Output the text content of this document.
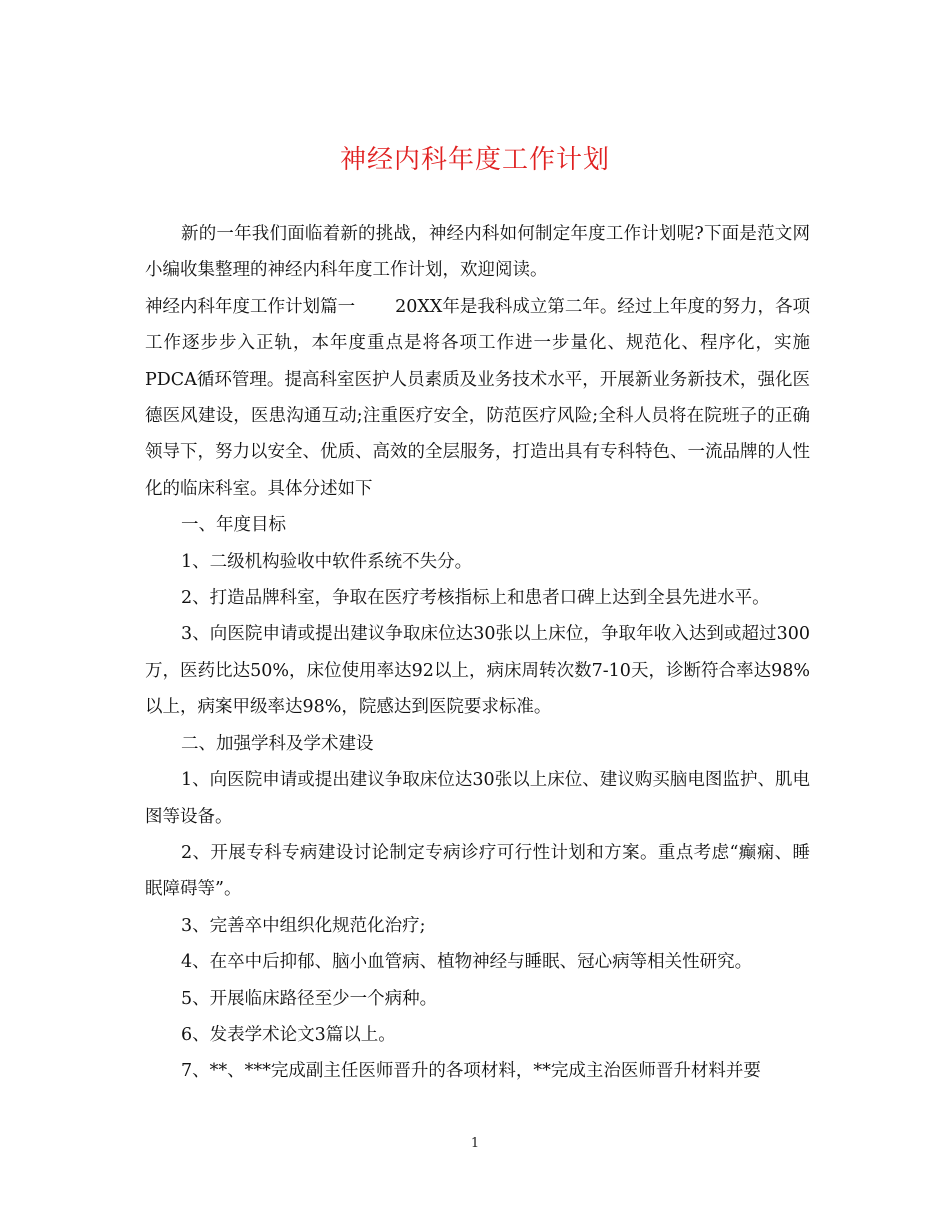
神经内科年度工作计划

新的一年我们面临着新的挑战，神经内科如何制定年度工作计划呢?下面是范文网小编收集整理的神经内科年度工作计划，欢迎阅读。

神经内科年度工作计划篇一 20XX年是我科成立第二年。经过上年度的努力，各项工作逐步步入正轨，本年度重点是将各项工作进一步量化、规范化、程序化，实施PDCA循环管理。提高科室医护人员素质及业务技术水平，开展新业务新技术，强化医德医风建设，医患沟通互动;注重医疗安全，防范医疗风险;全科人员将在院班子的正确领导下，努力以安全、优质、高效的全层服务，打造出具有专科特色、一流品牌的人性化的临床科室。具体分述如下

一、年度目标

1、二级机构验收中软件系统不失分。

2、打造品牌科室，争取在医疗考核指标上和患者口碑上达到全县先进水平。

3、向医院申请或提出建议争取床位达30张以上床位，争取年收入达到或超过300万，医药比达50%，床位使用率达92以上，病床周转次数7-10天，诊断符合率达98%以上，病案甲级率达98%，院感达到医院要求标准。

二、加强学科及学术建设

1、向医院申请或提出建议争取床位达30张以上床位、建议购买脑电图监护、肌电图等设备。

2、开展专科专病建设讨论制定专病诊疗可行性计划和方案。重点考虑“癫痫、睡眠障碍等”。

3、完善卒中组织化规范化治疗;

4、在卒中后抑郁、脑小血管病、植物神经与睡眠、冠心病等相关性研究。

5、开展临床路径至少一个病种。

6、发表学术论文3篇以上。

7、**、***完成副主任医师晋升的各项材料，**完成主治医师晋升材料并要

1
